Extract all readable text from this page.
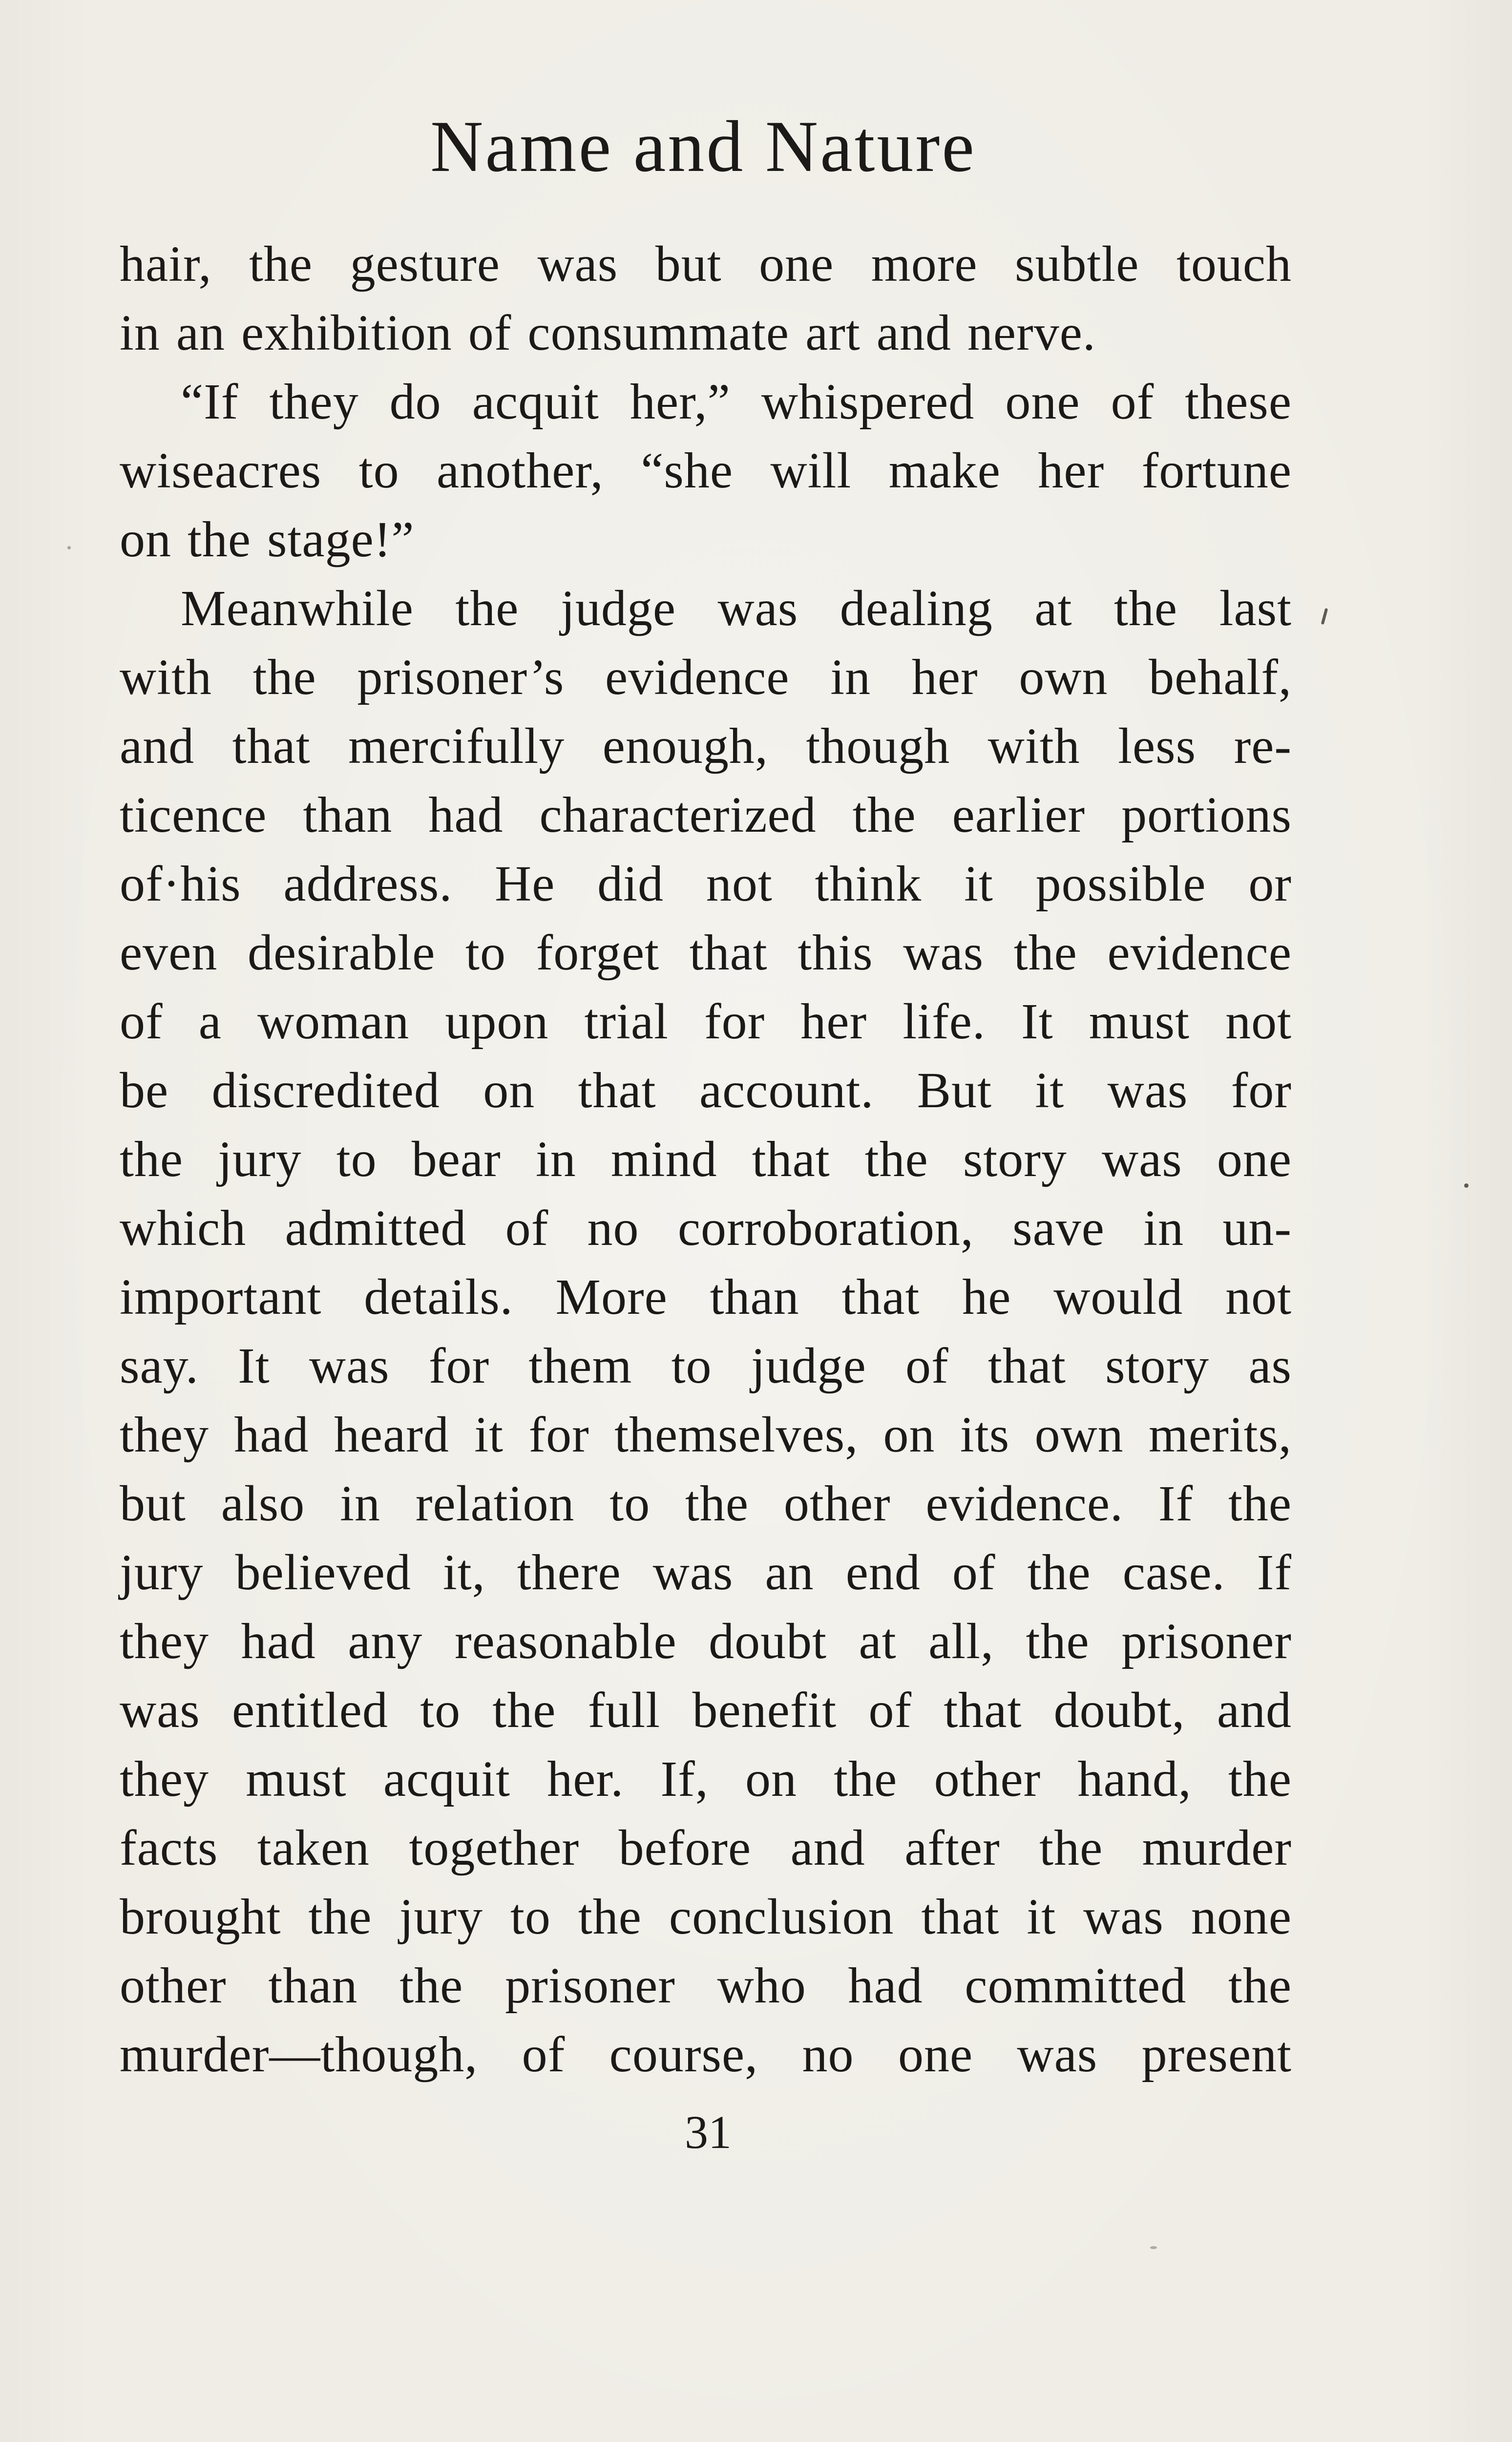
Name and Nature
hair, the gesture was but one more subtle touch
in an exhibition of consummate art and nerve.
“If they do acquit her,” whispered one of these
wiseacres to another, “she will make her fortune
on the stage!”
Meanwhile the judge was dealing at the last
with the prisoner’s evidence in her own behalf,
and that mercifully enough, though with less re-
ticence than had characterized the earlier portions
of·his address. He did not think it possible or
even desirable to forget that this was the evidence
of a woman upon trial for her life. It must not
be discredited on that account. But it was for
the jury to bear in mind that the story was one
which admitted of no corroboration, save in un-
important details. More than that he would not
say. It was for them to judge of that story as
they had heard it for themselves, on its own merits,
but also in relation to the other evidence. If the
jury believed it, there was an end of the case. If
they had any reasonable doubt at all, the prisoner
was entitled to the full benefit of that doubt, and
they must acquit her. If, on the other hand, the
facts taken together before and after the murder
brought the jury to the conclusion that it was none
other than the prisoner who had committed the
murder—though, of course, no one was present
31
